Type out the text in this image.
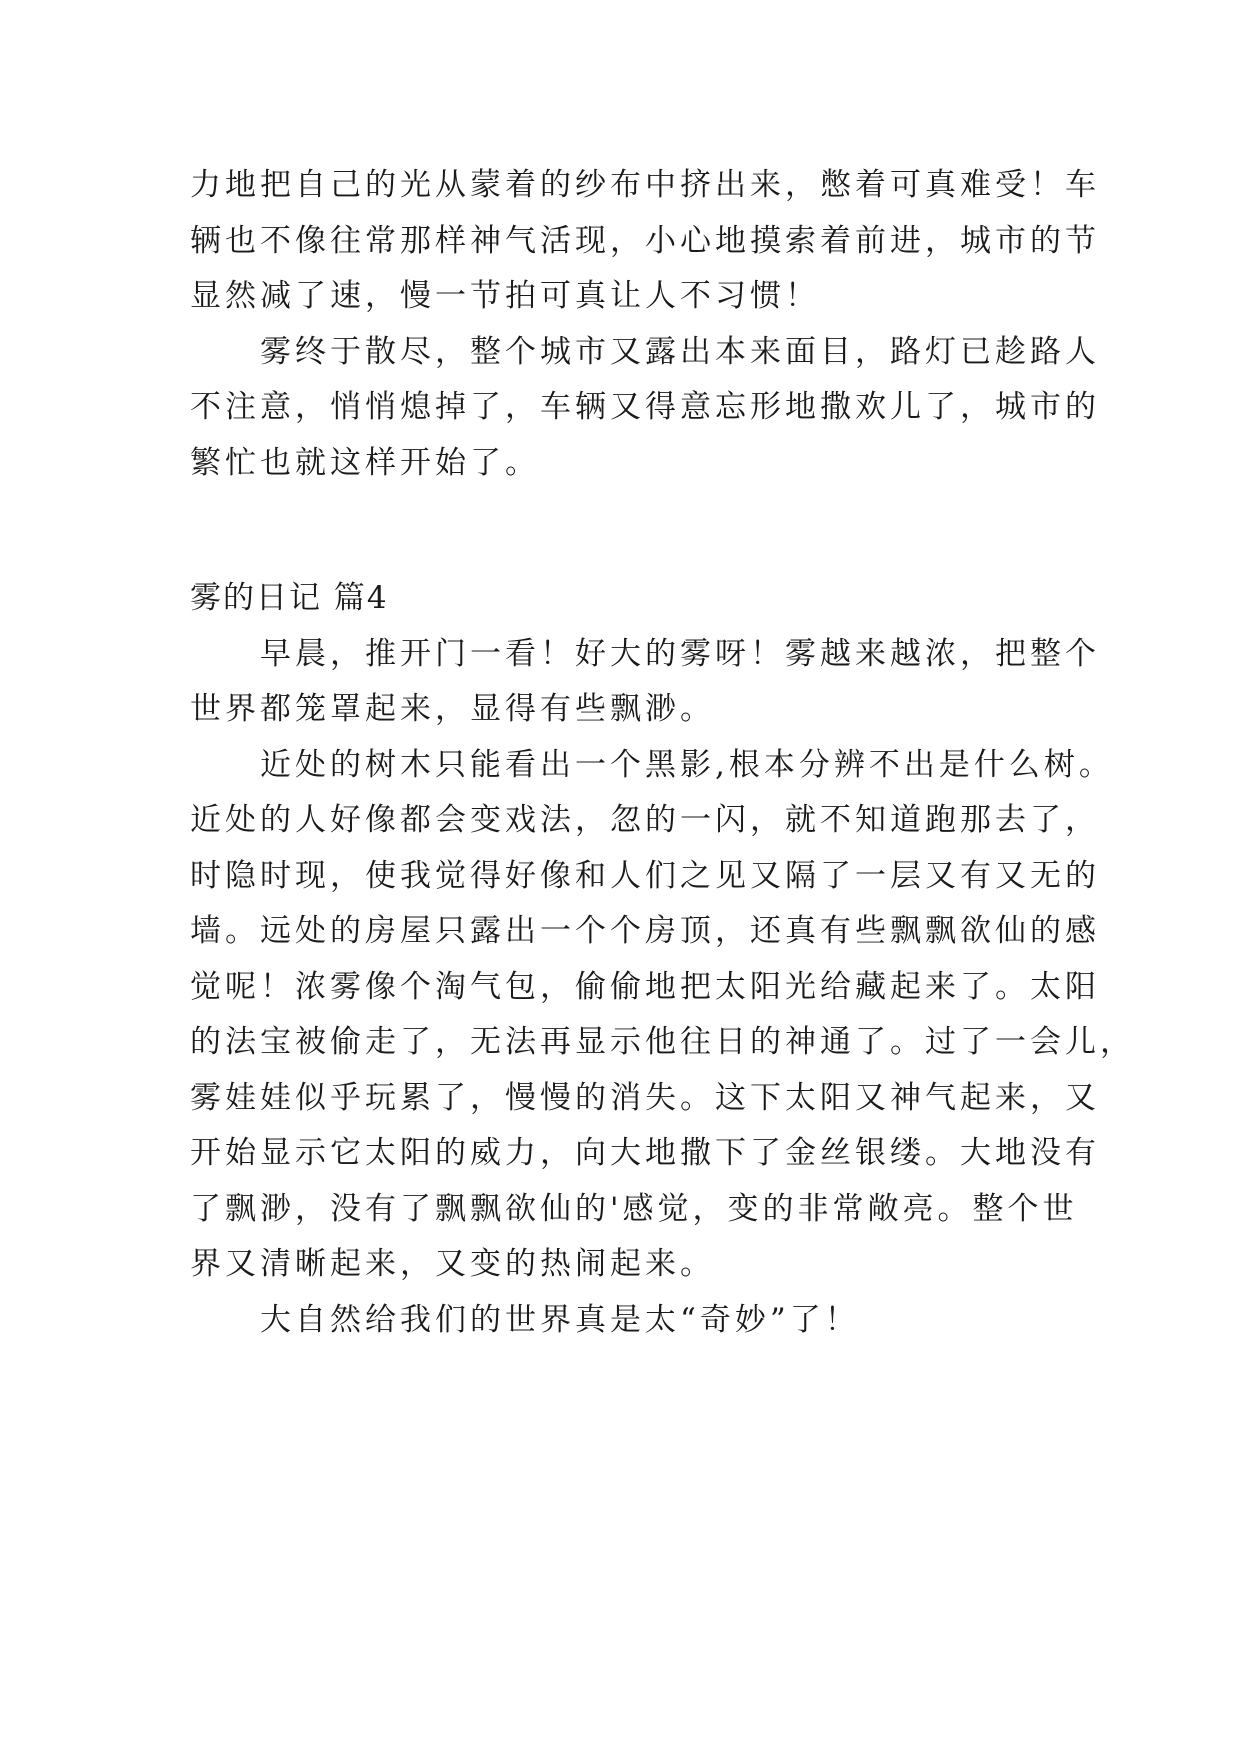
力地把自己的光从蒙着的纱布中挤出来，憋着可真难受！车
辆也不像往常那样神气活现，小心地摸索着前进，城市的节
显然减了速，慢一节拍可真让人不习惯！

雾终于散尽，整个城市又露出本来面目，路灯已趁路人
不注意，悄悄熄掉了，车辆又得意忘形地撒欢儿了，城市的
繁忙也就这样开始了。

雾的日记 篇4

早晨，推开门一看！好大的雾呀！雾越来越浓，把整个
世界都笼罩起来，显得有些飘渺。

近处的树木只能看出一个黑影,根本分辨不出是什么树。
近处的人好像都会变戏法，忽的一闪，就不知道跑那去了，
时隐时现，使我觉得好像和人们之见又隔了一层又有又无的
墙。远处的房屋只露出一个个房顶，还真有些飘飘欲仙的感
觉呢！浓雾像个淘气包，偷偷地把太阳光给藏起来了。太阳
的法宝被偷走了，无法再显示他往日的神通了。过了一会儿，
雾娃娃似乎玩累了，慢慢的消失。这下太阳又神气起来，又
开始显示它太阳的威力，向大地撒下了金丝银缕。大地没有
了飘渺，没有了飘飘欲仙的'感觉，变的非常敞亮。整个世
界又清晰起来，又变的热闹起来。

大自然给我们的世界真是太“奇妙”了！
